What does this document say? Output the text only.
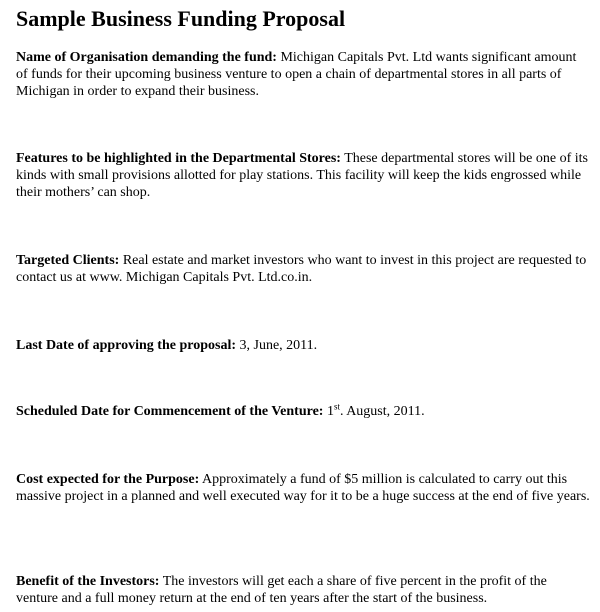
Sample Business Funding Proposal

Name of Organisation demanding the fund: Michigan Capitals Pvt. Ltd wants significant amount of funds for their upcoming business venture to open a chain of departmental stores in all parts of Michigan in order to expand their business.

Features to be highlighted in the Departmental Stores: These departmental stores will be one of its kinds with small provisions allotted for play stations. This facility will keep the kids engrossed while their mothers’ can shop.

Targeted Clients: Real estate and market investors who want to invest in this project are requested to contact us at www. Michigan Capitals Pvt. Ltd.co.in.

Last Date of approving the proposal: 3, June, 2011.

Scheduled Date for Commencement of the Venture: 1st. August, 2011.

Cost expected for the Purpose: Approximately a fund of $5 million is calculated to carry out this massive project in a planned and well executed way for it to be a huge success at the end of five years.

Benefit of the Investors: The investors will get each a share of five percent in the profit of the venture and a full money return at the end of ten years after the start of the business.
